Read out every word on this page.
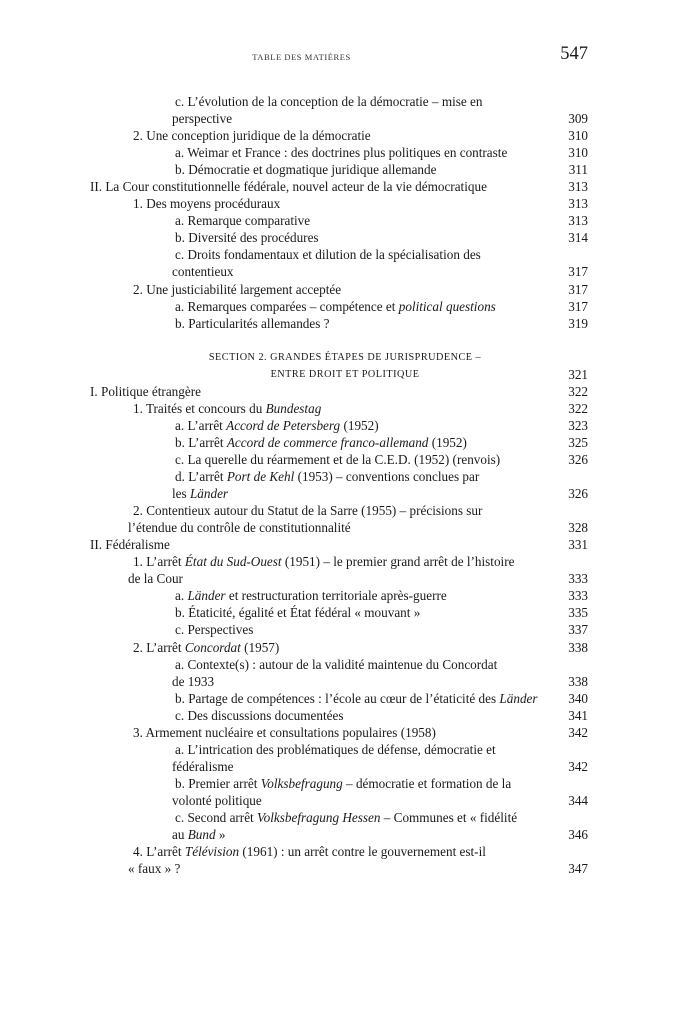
TABLE DES MATIÈRES	547
c. L’évolution de la conception de la démocratie – mise en
perspective	309
2. Une conception juridique de la démocratie	310
a. Weimar et France : des doctrines plus politiques en contraste	310
b. Démocratie et dogmatique juridique allemande	311
II. La Cour constitutionnelle fédérale, nouvel acteur de la vie démocratique	313
1. Des moyens procéduraux	313
a. Remarque comparative	313
b. Diversité des procédures	314
c. Droits fondamentaux et dilution de la spécialisation des
contentieux	317
2. Une justiciabilité largement acceptée	317
a. Remarques comparées – compétence et political questions	317
b. Particularités allemandes ?	319
SECTION 2. GRANDES ÉTAPES DE JURISPRUDENCE –
ENTRE DROIT ET POLITIQUE	321
I. Politique étrangère	322
1. Traités et concours du Bundestag	322
a. L’arrêt Accord de Petersberg (1952)	323
b. L’arrêt Accord de commerce franco-allemand (1952)	325
c. La querelle du réarmement et de la C.E.D. (1952) (renvois)	326
d. L’arrêt Port de Kehl (1953) – conventions conclues par
les Länder	326
2. Contentieux autour du Statut de la Sarre (1955) – précisions sur
l’étendue du contrôle de constitutionnalité	328
II. Fédéralisme	331
1. L’arrêt État du Sud-Ouest (1951) – le premier grand arrêt de l’histoire
de la Cour	333
a. Länder et restructuration territoriale après-guerre	333
b. Étaticité, égalité et État fédéral « mouvant »	335
c. Perspectives	337
2. L’arrêt Concordat (1957)	338
a. Contexte(s) : autour de la validité maintenue du Concordat
de 1933	338
b. Partage de compétences : l’école au cœur de l’étaticité des Länder	340
c. Des discussions documentées	341
3. Armement nucléaire et consultations populaires (1958)	342
a. L’intrication des problématiques de défense, démocratie et
fédéralisme	342
b. Premier arrêt Volksbefragung – démocratie et formation de la
volonté politique	344
c. Second arrêt Volksbefragung Hessen – Communes et « fidélité
au Bund »	346
4. L’arrêt Télévision (1961) : un arrêt contre le gouvernement est-il
« faux » ?	347
